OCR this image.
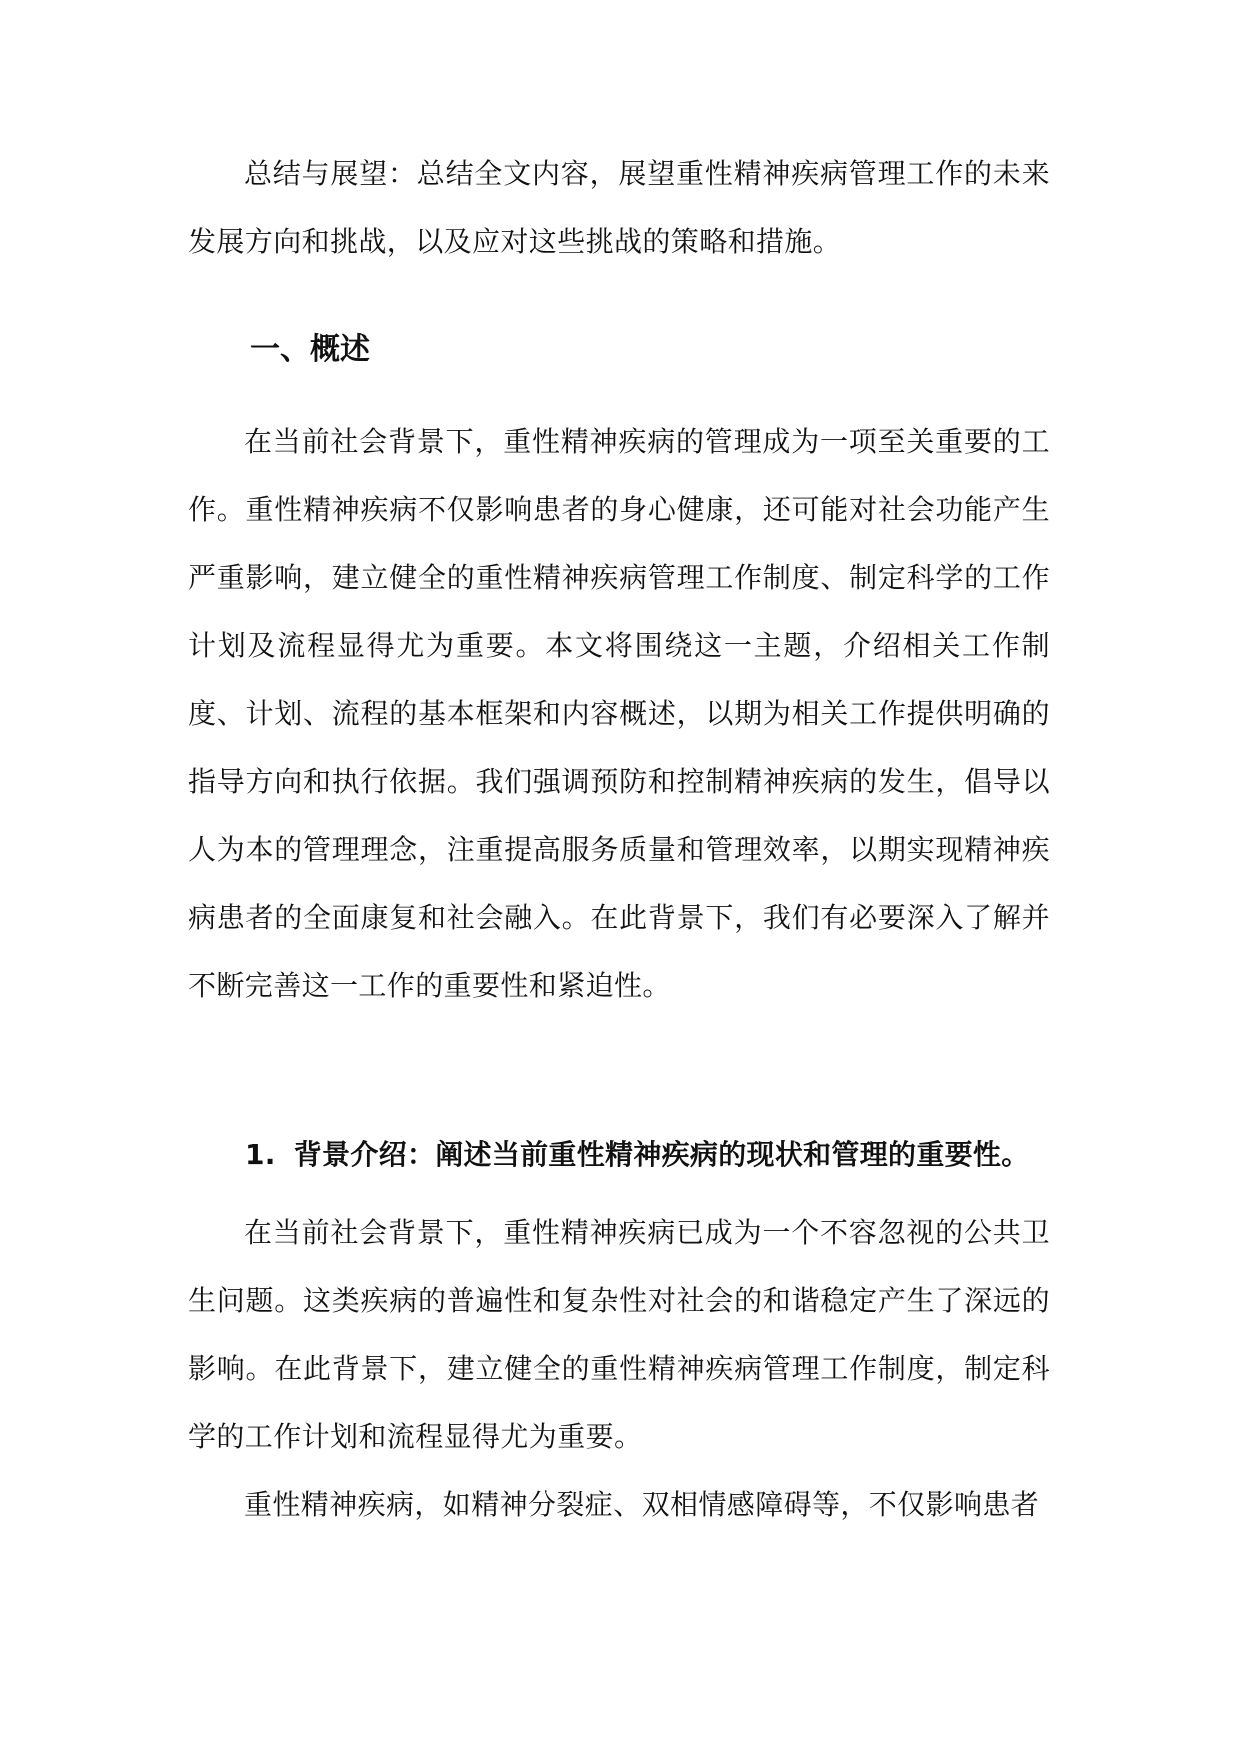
总结与展望：总结全文内容，展望重性精神疾病管理工作的未来发展方向和挑战，以及应对这些挑战的策略和措施。

一、概述

在当前社会背景下，重性精神疾病的管理成为一项至关重要的工作。重性精神疾病不仅影响患者的身心健康，还可能对社会功能产生严重影响，建立健全的重性精神疾病管理工作制度、制定科学的工作计划及流程显得尤为重要。本文将围绕这一主题，介绍相关工作制度、计划、流程的基本框架和内容概述，以期为相关工作提供明确的指导方向和执行依据。我们强调预防和控制精神疾病的发生，倡导以人为本的管理理念，注重提高服务质量和管理效率，以期实现精神疾病患者的全面康复和社会融入。在此背景下，我们有必要深入了解并不断完善这一工作的重要性和紧迫性。

1. 背景介绍：阐述当前重性精神疾病的现状和管理的重要性。

在当前社会背景下，重性精神疾病已成为一个不容忽视的公共卫生问题。这类疾病的普遍性和复杂性对社会的和谐稳定产生了深远的影响。在此背景下，建立健全的重性精神疾病管理工作制度，制定科学的工作计划和流程显得尤为重要。

重性精神疾病，如精神分裂症、双相情感障碍等，不仅影响患者
